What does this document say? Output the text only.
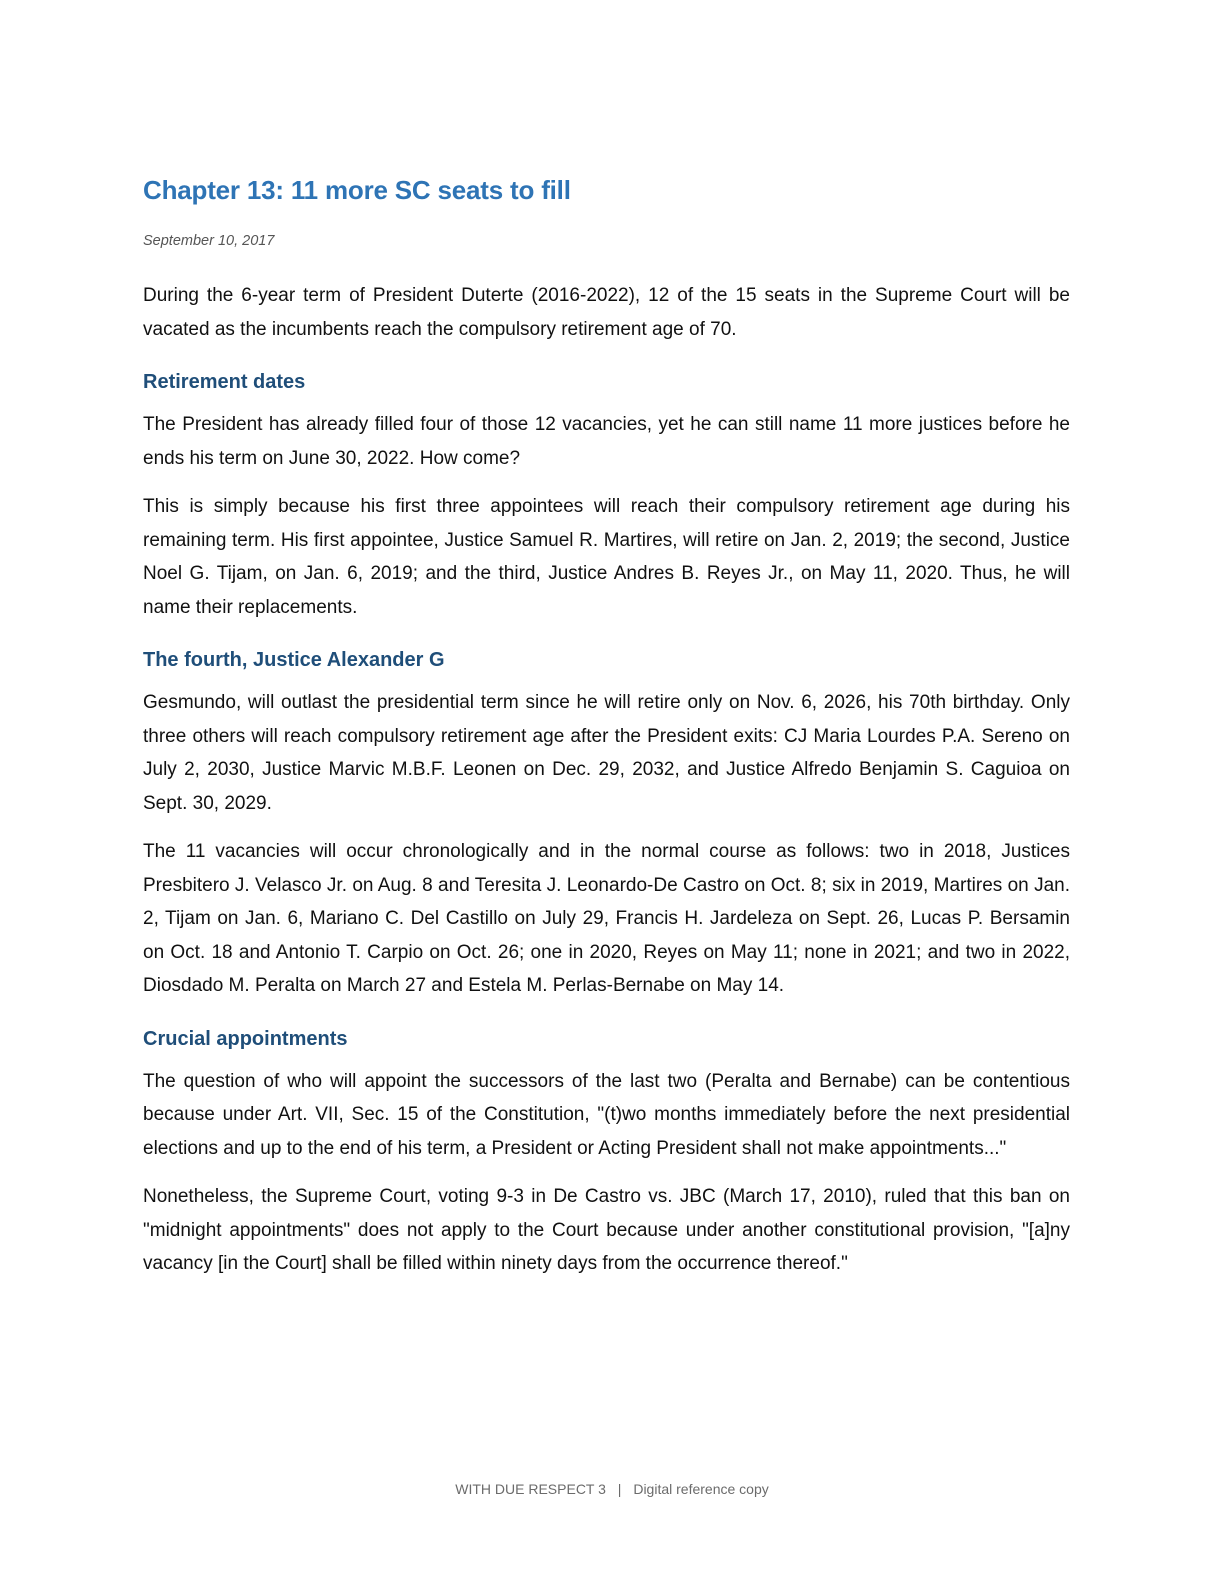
Chapter 13: 11 more SC seats to fill

September 10, 2017

During the 6-year term of President Duterte (2016-2022), 12 of the 15 seats in the Supreme Court will be vacated as the incumbents reach the compulsory retirement age of 70.

Retirement dates

The President has already filled four of those 12 vacancies, yet he can still name 11 more justices before he ends his term on June 30, 2022. How come?

This is simply because his first three appointees will reach their compulsory retirement age during his remaining term. His first appointee, Justice Samuel R. Martires, will retire on Jan. 2, 2019; the second, Justice Noel G. Tijam, on Jan. 6, 2019; and the third, Justice Andres B. Reyes Jr., on May 11, 2020. Thus, he will name their replacements.

The fourth, Justice Alexander G

Gesmundo, will outlast the presidential term since he will retire only on Nov. 6, 2026, his 70th birthday. Only three others will reach compulsory retirement age after the President exits: CJ Maria Lourdes P.A. Sereno on July 2, 2030, Justice Marvic M.B.F. Leonen on Dec. 29, 2032, and Justice Alfredo Benjamin S. Caguioa on Sept. 30, 2029.

The 11 vacancies will occur chronologically and in the normal course as follows: two in 2018, Justices Presbitero J. Velasco Jr. on Aug. 8 and Teresita J. Leonardo-De Castro on Oct. 8; six in 2019, Martires on Jan. 2, Tijam on Jan. 6, Mariano C. Del Castillo on July 29, Francis H. Jardeleza on Sept. 26, Lucas P. Bersamin on Oct. 18 and Antonio T. Carpio on Oct. 26; one in 2020, Reyes on May 11; none in 2021; and two in 2022, Diosdado M. Peralta on March 27 and Estela M. Perlas-Bernabe on May 14.

Crucial appointments

The question of who will appoint the successors of the last two (Peralta and Bernabe) can be contentious because under Art. VII, Sec. 15 of the Constitution, "(t)wo months immediately before the next presidential elections and up to the end of his term, a President or Acting President shall not make appointments..."

Nonetheless, the Supreme Court, voting 9-3 in De Castro vs. JBC (March 17, 2010), ruled that this ban on "midnight appointments" does not apply to the Court because under another constitutional provision, "[a]ny vacancy [in the Court] shall be filled within ninety days from the occurrence thereof."

WITH DUE RESPECT 3 | Digital reference copy
